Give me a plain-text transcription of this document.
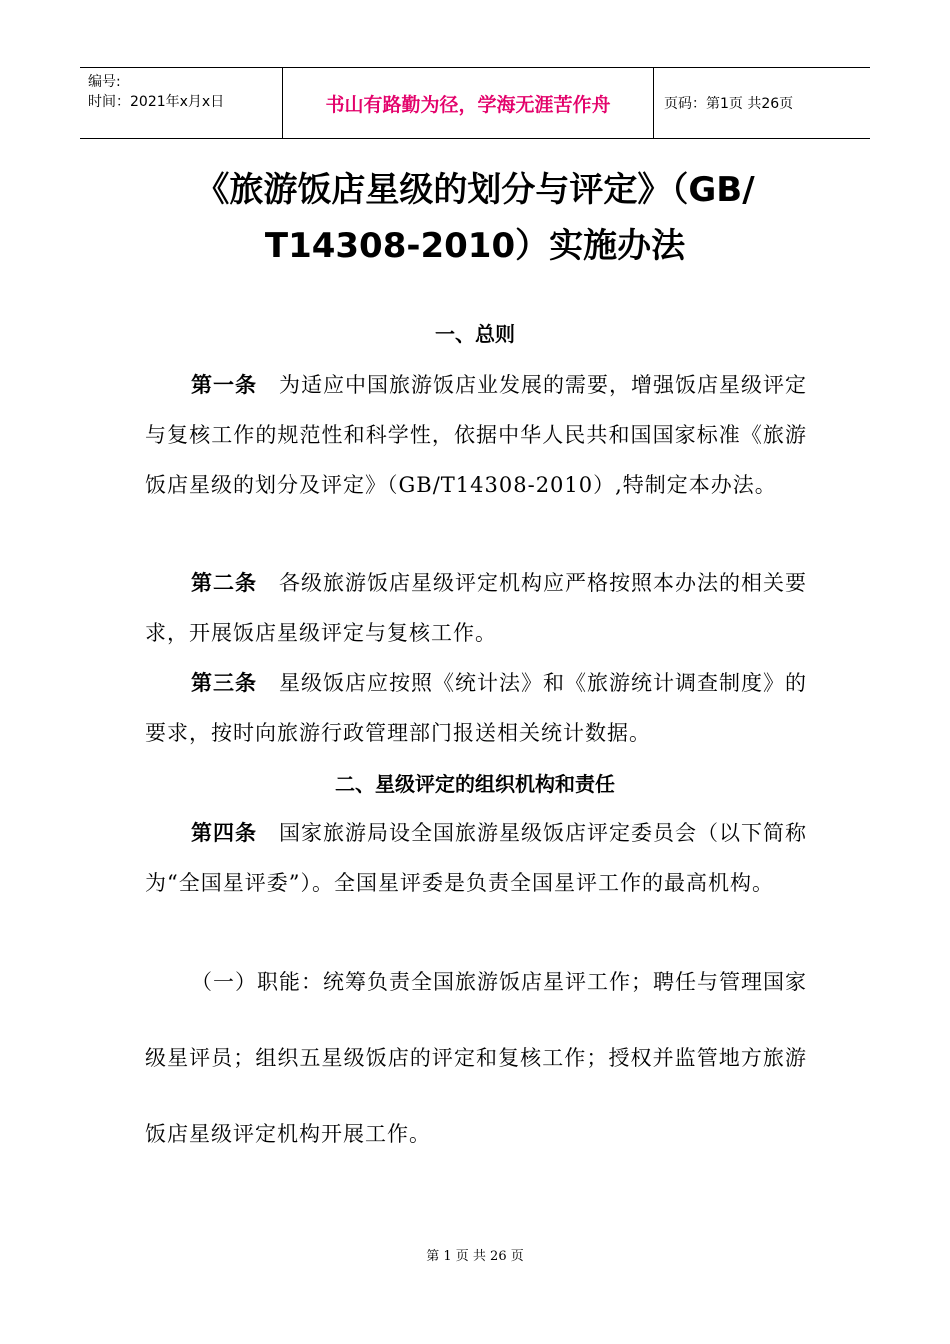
编号:
时间：2021年x月x日	书山有路勤为径，学海无涯苦作舟	页码：第1页 共26页
《旅游饭店星级的划分与评定》（GB/
T14308-2010）实施办法
一、总则
第一条 为适应中国旅游饭店业发展的需要，增强饭店星级评定与复核工作的规范性和科学性，依据中华人民共和国国家标准《旅游饭店星级的划分及评定》（GB/T14308-2010）,特制定本办法。
第二条 各级旅游饭店星级评定机构应严格按照本办法的相关要求，开展饭店星级评定与复核工作。
第三条 星级饭店应按照《统计法》和《旅游统计调查制度》的要求，按时向旅游行政管理部门报送相关统计数据。
二、星级评定的组织机构和责任
第四条 国家旅游局设全国旅游星级饭店评定委员会（以下简称为“全国星评委”）。全国星评委是负责全国星评工作的最高机构。
（一）职能：统筹负责全国旅游饭店星评工作；聘任与管理国家级星评员；组织五星级饭店的评定和复核工作；授权并监管地方旅游饭店星级评定机构开展工作。
第 1 页 共 26 页
